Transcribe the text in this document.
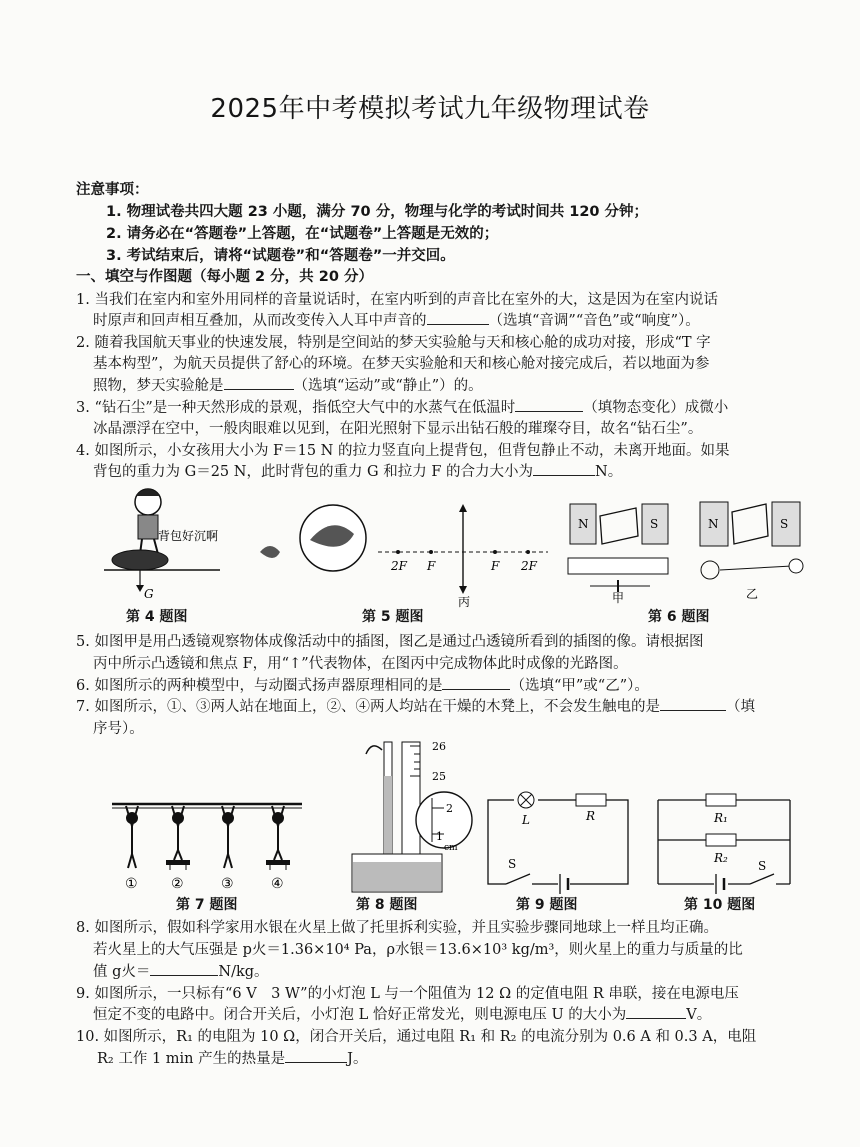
2025年中考模拟考试九年级物理试卷
注意事项：
1. 物理试卷共四大题 23 小题，满分 70 分，物理与化学的考试时间共 120 分钟；
2. 请务必在“答题卷”上答题，在“试题卷”上答题是无效的；
3. 考试结束后，请将“试题卷”和“答题卷”一并交回。
一、填空与作图题（每小题 2 分，共 20 分）
1. 当我们在室内和室外用同样的音量说话时，在室内听到的声音比在室外的大，这是因为在室内说话
时原声和回声相互叠加，从而改变传入人耳中声音的	（选填“音调”“音色”或“响度”）。
2. 随着我国航天事业的快速发展，特别是空间站的梦天实验舱与天和核心舱的成功对接，形成“T 字
基本构型”，为航天员提供了舒心的环境。在梦天实验舱和天和核心舱对接完成后，若以地面为参
照物，梦天实验舱是	（选填“运动”或“静止”）的。
3. “钻石尘”是一种天然形成的景观，指低空大气中的水蒸气在低温时	（填物态变化）成微小
冰晶漂浮在空中，一般肉眼难以见到，在阳光照射下显示出钻石般的璀璨夺目，故名“钻石尘”。
4. 如图所示，小女孩用大小为 F＝15 N 的拉力竖直向上提背包，但背包静止不动，未离开地面。如果
背包的重力为 G＝25 N，此时背包的重力 G 和拉力 F 的合力大小为	N。
背包好沉啊
G
第 4 题图
2F F	F 2F
丙
第 5 题图
N	S
甲
N	S
乙
第 6 题图
5. 如图甲是用凸透镜观察物体成像活动中的插图，图乙是通过凸透镜所看到的插图的像。请根据图
丙中所示凸透镜和焦点 F，用“↑”代表物体，在图丙中完成物体此时成像的光路图。
6. 如图所示的两种模型中，与动圈式扬声器原理相同的是	（选填“甲”或“乙”）。
7. 如图所示，①、③两人站在地面上，②、④两人均站在干燥的木凳上，不会发生触电的是	（填
序号）。
① ②	③	④
第 7 题图
26
25
2
1
cm
第 8 题图
L	R
S
第 9 题图
R₁
R₂
S
第 10 题图
8. 如图所示，假如科学家用水银在火星上做了托里拆利实验，并且实验步骤同地球上一样且均正确。
若火星上的大气压强是 p火＝1.36×10⁴ Pa，ρ水银＝13.6×10³ kg/m³，则火星上的重力与质量的比
值 g火＝	N/kg。
9. 如图所示，一只标有“6 V　3 W”的小灯泡 L 与一个阻值为 12 Ω 的定值电阻 R 串联，接在电源电压
恒定不变的电路中。闭合开关后，小灯泡 L 恰好正常发光，则电源电压 U 的大小为	V。
10. 如图所示，R₁ 的电阻为 10 Ω，闭合开关后，通过电阻 R₁ 和 R₂ 的电流分别为 0.6 A 和 0.3 A，电阻
R₂ 工作 1 min 产生的热量是	J。
